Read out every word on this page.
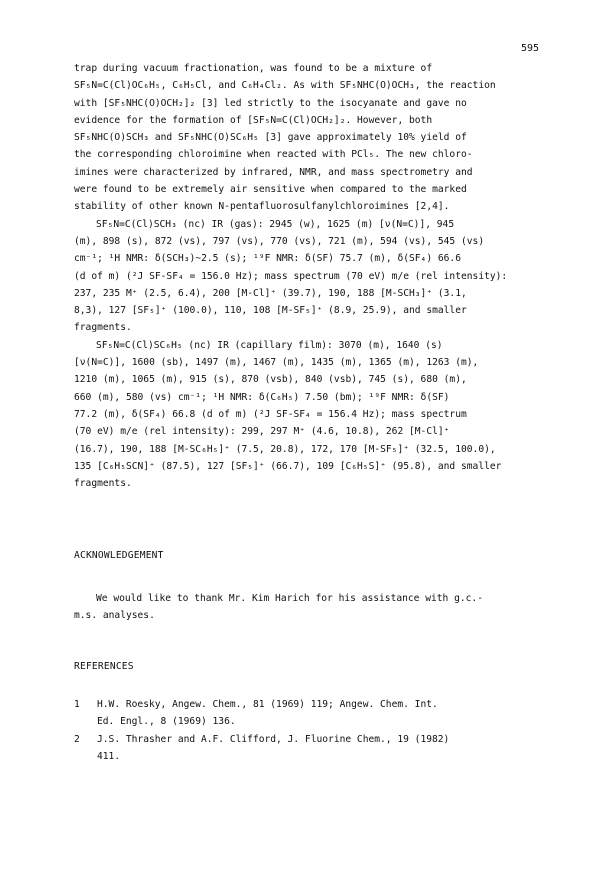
595
trap during vacuum fractionation, was found to be a mixture of
SF₅N=C(Cl)OC₆H₅, C₆H₅Cl, and C₆H₄Cl₂. As with SF₅NHC(O)OCH₃, the reaction
with [SF₅NHC(O)OCH₂]₂ [3] led strictly to the isocyanate and gave no
evidence for the formation of [SF₅N=C(Cl)OCH₂]₂. However, both
SF₅NHC(O)SCH₃ and SF₅NHC(O)SC₆H₅ [3] gave approximately 10% yield of
the corresponding chloroimine when reacted with PCl₅. The new chloro-
imines were characterized by infrared, NMR, and mass spectrometry and
were found to be extremely air sensitive when compared to the marked
stability of other known N-pentafluorosulfanylchloroimines [2,4].
SF₅N=C(Cl)SCH₃ (nc) IR (gas): 2945 (w), 1625 (m) [ν(N=C)], 945
(m), 898 (s), 872 (vs), 797 (vs), 770 (vs), 721 (m), 594 (vs), 545 (vs)
cm⁻¹; ¹H NMR: δ(SCH₃)~2.5 (s); ¹⁹F NMR: δ(SF) 75.7 (m), δ(SF₄) 66.6
(d of m) (²J SF-SF₄ = 156.0 Hz); mass spectrum (70 eV) m/e (rel intensity):
237, 235 M⁺ (2.5, 6.4), 200 [M-Cl]⁺ (39.7), 190, 188 [M-SCH₃]⁺ (3.1,
8,3), 127 [SF₅]⁺ (100.0), 110, 108 [M-SF₅]⁺ (8.9, 25.9), and smaller
fragments.
SF₅N=C(Cl)SC₆H₅ (nc) IR (capillary film): 3070 (m), 1640 (s)
[ν(N=C)], 1600 (sb), 1497 (m), 1467 (m), 1435 (m), 1365 (m), 1263 (m),
1210 (m), 1065 (m), 915 (s), 870 (vsb), 840 (vsb), 745 (s), 680 (m),
660 (m), 580 (vs) cm⁻¹; ¹H NMR: δ(C₆H₅) 7.50 (bm); ¹⁹F NMR: δ(SF)
77.2 (m), δ(SF₄) 66.8 (d of m) (²J SF-SF₄ = 156.4 Hz); mass spectrum
(70 eV) m/e (rel intensity): 299, 297 M⁺ (4.6, 10.8), 262 [M-Cl]⁺
(16.7), 190, 188 [M-SC₆H₅]⁺ (7.5, 20.8), 172, 170 [M-SF₅]⁺ (32.5, 100.0),
135 [C₆H₅SCN]⁺ (87.5), 127 [SF₅]⁺ (66.7), 109 [C₆H₅S]⁺ (95.8), and smaller
fragments.
ACKNOWLEDGEMENT
We would like to thank Mr. Kim Harich for his assistance with g.c.-
m.s. analyses.
REFERENCES
1	H.W. Roesky, Angew. Chem., 81 (1969) 119; Angew. Chem. Int.
Ed. Engl., 8 (1969) 136.
2	J.S. Thrasher and A.F. Clifford, J. Fluorine Chem., 19 (1982)
411.
